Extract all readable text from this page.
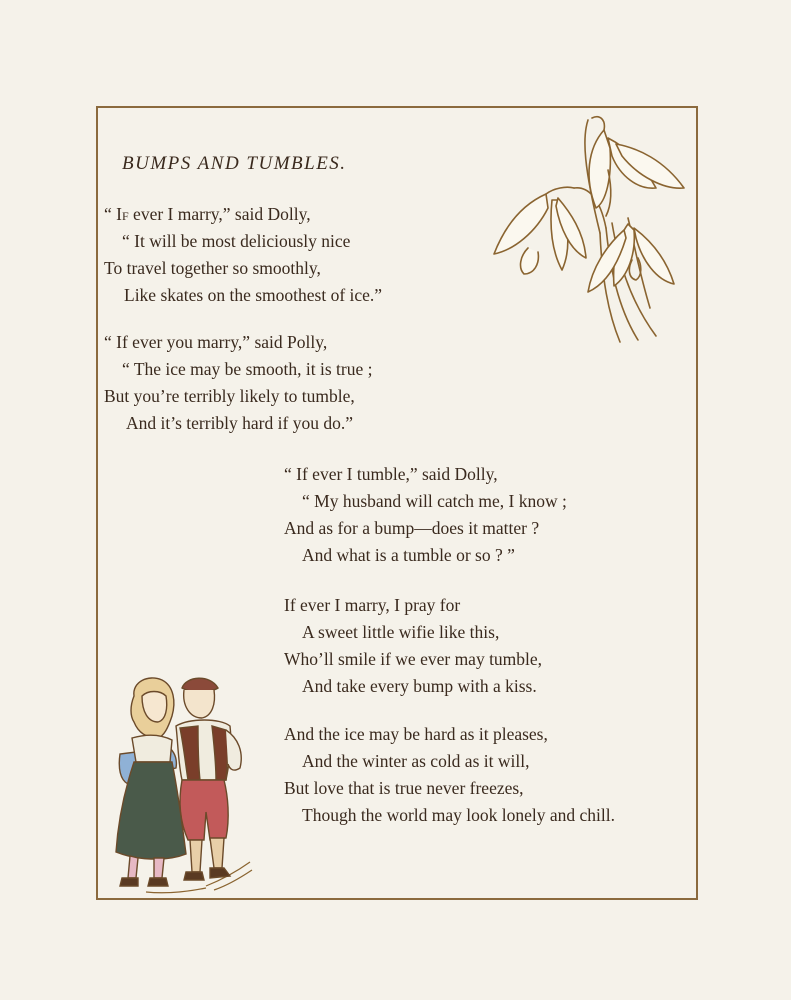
BUMPS AND TUMBLES.
“ If ever I marry,” said Dolly,
“ It will be most deliciously nice
To travel together so smoothly,
Like skates on the smoothest of ice.”
“ If ever you marry,” said Polly,
“ The ice may be smooth, it is true ;
But you’re terribly likely to tumble,
And it’s terribly hard if you do.”
“ If ever I tumble,” said Dolly,
“ My husband will catch me, I know ;
And as for a bump—does it matter ?
And what is a tumble or so ? ”
If ever I marry, I pray for
A sweet little wifie like this,
Who’ll smile if we ever may tumble,
And take every bump with a kiss.
And the ice may be hard as it pleases,
And the winter as cold as it will,
But love that is true never freezes,
Though the world may look lonely and chill.
